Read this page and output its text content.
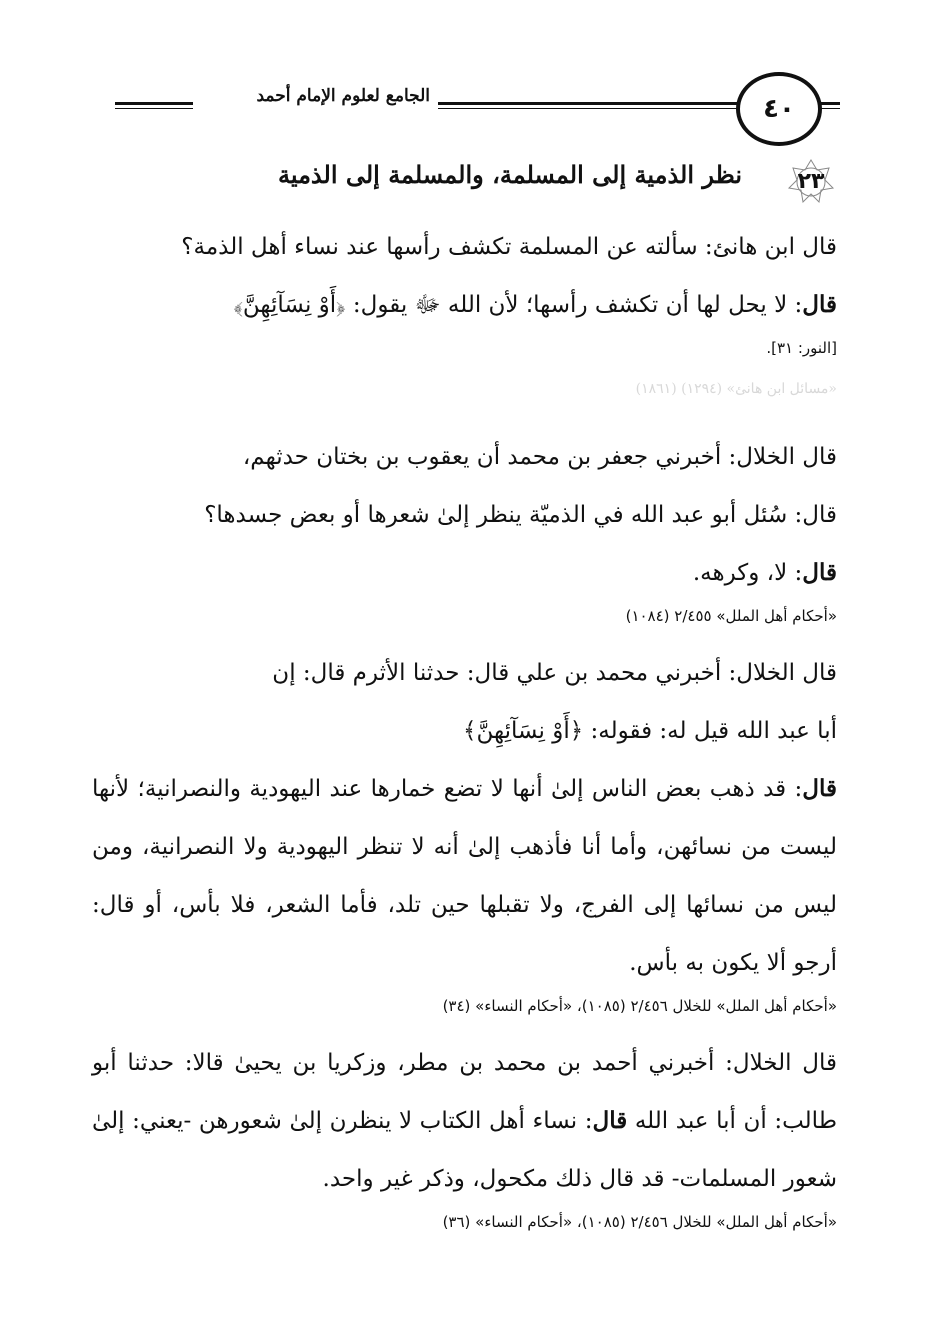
٤٠
الجامع لعلوم الإمام أحمد
٢٣
نظر الذمية إلى المسلمة، والمسلمة إلى الذمية

قال ابن هانئ: سألته عن المسلمة تكشف رأسها عند نساء أهل الذمة؟

قال: لا يحل لها أن تكشف رأسها؛ لأن الله ﷻ يقول: ﴿أَوْ نِسَآئِهِنَّ﴾

[النور: ٣١].

«مسائل ابن هانئ» (١٢٩٤) (١٨٦١)

قال الخلال: أخبرني جعفر بن محمد أن يعقوب بن بختان حدثهم،

قال: سُئل أبو عبد الله في الذميّة ينظر إلىٰ شعرها أو بعض جسدها؟

قال: لا، وكرهه.

«أحكام أهل الملل» ٢/٤٥٥ (١٠٨٤)

قال الخلال: أخبرني محمد بن علي قال: حدثنا الأثرم قال: إن

أبا عبد الله قيل له: فقوله: ﴿أَوْ نِسَآئِهِنَّ﴾

قال: قد ذهب بعض الناس إلىٰ أنها لا تضع خمارها عند اليهودية والنصرانية؛ لأنها ليست من نسائهن، وأما أنا فأذهب إلىٰ أنه لا تنظر اليهودية ولا النصرانية، ومن ليس من نسائها إلى الفرج، ولا تقبلها حين تلد، فأما الشعر، فلا بأس، أو قال: أرجو ألا يكون به بأس.

«أحكام أهل الملل» للخلال ٢/٤٥٦ (١٠٨٥)، «أحكام النساء» (٣٤)

قال الخلال: أخبرني أحمد بن محمد بن مطر، وزكريا بن يحيىٰ قالا: حدثنا أبو طالب: أن أبا عبد الله قال: نساء أهل الكتاب لا ينظرن إلىٰ شعورهن -يعني: إلىٰ شعور المسلمات- قد قال ذلك مكحول، وذكر غير واحد.

«أحكام أهل الملل» للخلال ٢/٤٥٦ (١٠٨٥)، «أحكام النساء» (٣٦)
